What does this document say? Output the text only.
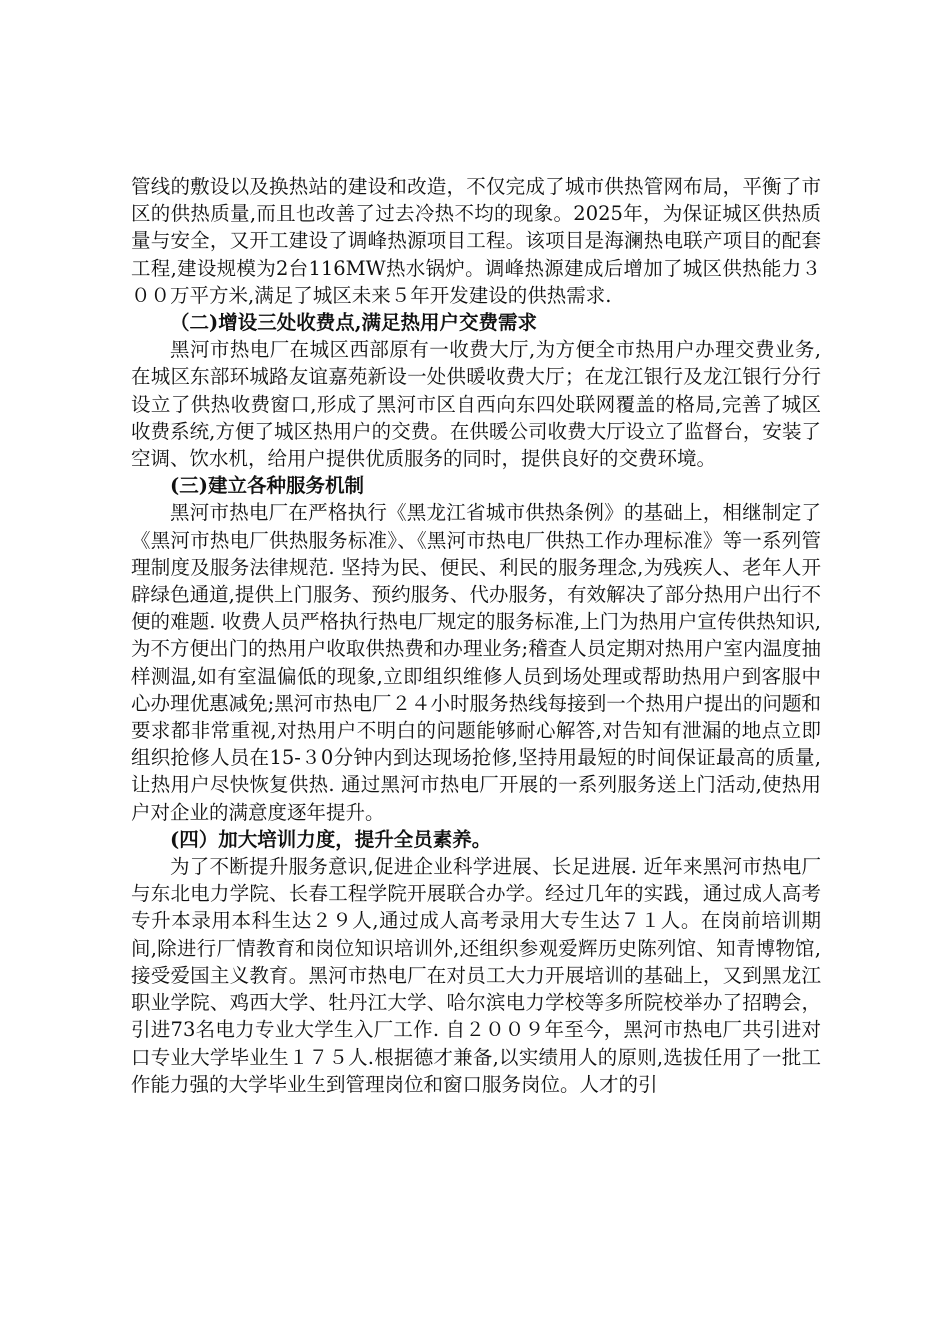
管线的敷设以及换热站的建设和改造，不仅完成了城市供热管网布局，平衡了市区的供热质量,而且也改善了过去冷热不均的现象。2025年，为保证城区供热质量与安全，又开工建设了调峰热源项目工程。该项目是海澜热电联产项目的配套工程,建设规模为2台116MW热水锅炉。调峰热源建成后增加了城区供热能力３００万平方米,满足了城区未来５年开发建设的供热需求.

（二)增设三处收费点,满足热用户交费需求

黑河市热电厂在城区西部原有一收费大厅,为方便全市热用户办理交费业务,在城区东部环城路友谊嘉苑新设一处供暖收费大厅；在龙江银行及龙江银行分行设立了供热收费窗口,形成了黑河市区自西向东四处联网覆盖的格局,完善了城区收费系统,方便了城区热用户的交费。在供暖公司收费大厅设立了监督台，安装了空调、饮水机，给用户提供优质服务的同时，提供良好的交费环境。

(三)建立各种服务机制

黑河市热电厂在严格执行《黑龙江省城市供热条例》的基础上，相继制定了《黑河市热电厂供热服务标准》、《黑河市热电厂供热工作办理标准》等一系列管理制度及服务法律规范. 坚持为民、便民、利民的服务理念,为残疾人、老年人开辟绿色通道,提供上门服务、预约服务、代办服务，有效解决了部分热用户出行不便的难题. 收费人员严格执行热电厂规定的服务标准,上门为热用户宣传供热知识,为不方便出门的热用户收取供热费和办理业务;稽查人员定期对热用户室内温度抽样测温,如有室温偏低的现象,立即组织维修人员到场处理或帮助热用户到客服中心办理优惠减免;黑河市热电厂２４小时服务热线每接到一个热用户提出的问题和要求都非常重视,对热用户不明白的问题能够耐心解答,对告知有泄漏的地点立即组织抢修人员在15-３0分钟内到达现场抢修,坚持用最短的时间保证最高的质量,让热用户尽快恢复供热. 通过黑河市热电厂开展的一系列服务送上门活动,使热用户对企业的满意度逐年提升。

(四）加大培训力度，提升全员素养。

为了不断提升服务意识,促进企业科学进展、长足进展. 近年来黑河市热电厂与东北电力学院、长春工程学院开展联合办学。经过几年的实践，通过成人高考专升本录用本科生达２９人,通过成人高考录用大专生达７１人。在岗前培训期间,除进行厂情教育和岗位知识培训外,还组织参观爱辉历史陈列馆、知青博物馆,接受爱国主义教育。黑河市热电厂在对员工大力开展培训的基础上，又到黑龙江职业学院、鸡西大学、牡丹江大学、哈尔滨电力学校等多所院校举办了招聘会，引进73名电力专业大学生入厂工作. 自２００９年至今，黑河市热电厂共引进对口专业大学毕业生１７５人.根据德才兼备,以实绩用人的原则,选拔任用了一批工作能力强的大学毕业生到管理岗位和窗口服务岗位。人才的引
